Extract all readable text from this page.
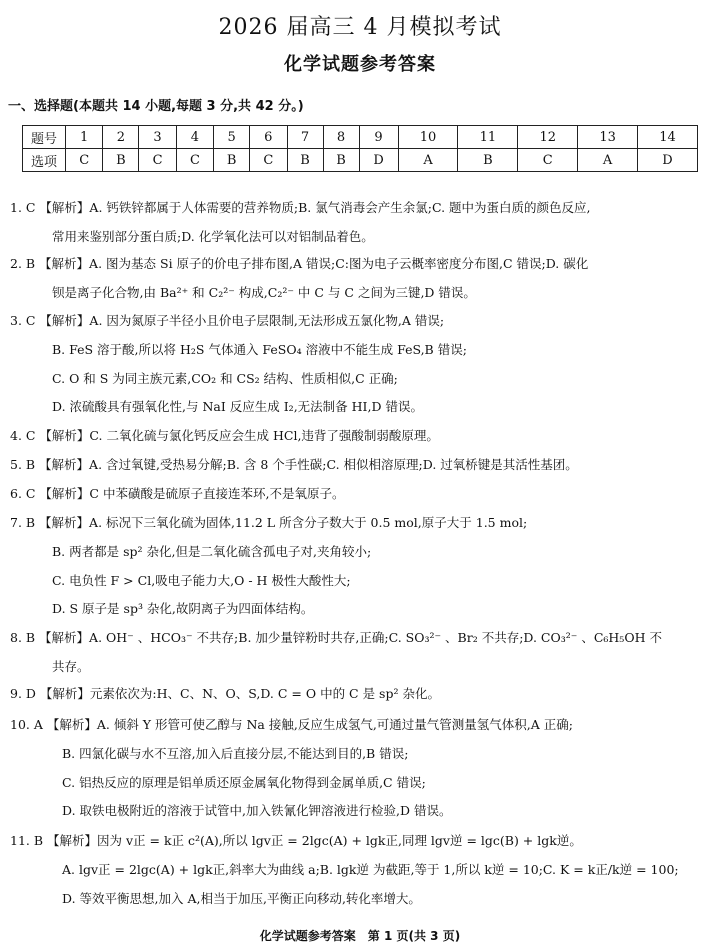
2026 届高三 4 月模拟考试
化学试题参考答案
一、选择题(本题共 14 小题,每题 3 分,共 42 分。)
题号	1	2	3	4	5	6	7	8	9	10	11	12	13	14
选项	C	B	C	C	B	C	B	B	D	A	B	C	A	D
1. C 【解析】A. 钙铁锌都属于人体需要的营养物质;B. 氯气消毒会产生余氯;C. 题中为蛋白质的颜色反应,
常用来鉴别部分蛋白质;D. 化学氧化法可以对铝制品着色。
2. B 【解析】A. 图为基态 Si 原子的价电子排布图,A 错误;C:图为电子云概率密度分布图,C 错误;D. 碳化
钡是离子化合物,由 Ba²⁺ 和 C₂²⁻ 构成,C₂²⁻ 中 C 与 C 之间为三键,D 错误。
3. C 【解析】A. 因为氮原子半径小且价电子层限制,无法形成五氯化物,A 错误;
B. FeS 溶于酸,所以将 H₂S 气体通入 FeSO₄ 溶液中不能生成 FeS,B 错误;
C. O 和 S 为同主族元素,CO₂ 和 CS₂ 结构、性质相似,C 正确;
D. 浓硫酸具有强氧化性,与 NaI 反应生成 I₂,无法制备 HI,D 错误。
4. C 【解析】C. 二氧化硫与氯化钙反应会生成 HCl,违背了强酸制弱酸原理。
5. B 【解析】A. 含过氧键,受热易分解;B. 含 8 个手性碳;C. 相似相溶原理;D. 过氧桥键是其活性基团。
6. C 【解析】C 中苯磺酸是硫原子直接连苯环,不是氧原子。
7. B 【解析】A. 标况下三氧化硫为固体,11.2 L 所含分子数大于 0.5 mol,原子大于 1.5 mol;
B. 两者都是 sp² 杂化,但是二氧化硫含孤电子对,夹角较小;
C. 电负性 F > Cl,吸电子能力大,O - H 极性大酸性大;
D. S 原子是 sp³ 杂化,故阴离子为四面体结构。
8. B 【解析】A. OH⁻ 、HCO₃⁻ 不共存;B. 加少量锌粉时共存,正确;C. SO₃²⁻ 、Br₂ 不共存;D. CO₃²⁻ 、C₆H₅OH 不
共存。
9. D 【解析】元素依次为:H、C、N、O、S,D. C = O 中的 C 是 sp² 杂化。
10. A 【解析】A. 倾斜 Y 形管可使乙醇与 Na 接触,反应生成氢气,可通过量气管测量氢气体积,A 正确;
B. 四氯化碳与水不互溶,加入后直接分层,不能达到目的,B 错误;
C. 铝热反应的原理是铝单质还原金属氧化物得到金属单质,C 错误;
D. 取铁电极附近的溶液于试管中,加入铁氰化钾溶液进行检验,D 错误。
11. B 【解析】因为 v正 = k正 c²(A),所以 lgv正 = 2lgc(A) + lgk正,同理 lgv逆 = lgc(B) + lgk逆。
A. lgv正 = 2lgc(A) + lgk正,斜率大为曲线 a;B. lgk逆 为截距,等于 1,所以 k逆 = 10;C. K = k正/k逆 = 100;
D. 等效平衡思想,加入 A,相当于加压,平衡正向移动,转化率增大。
化学试题参考答案　第 1 页(共 3 页)
